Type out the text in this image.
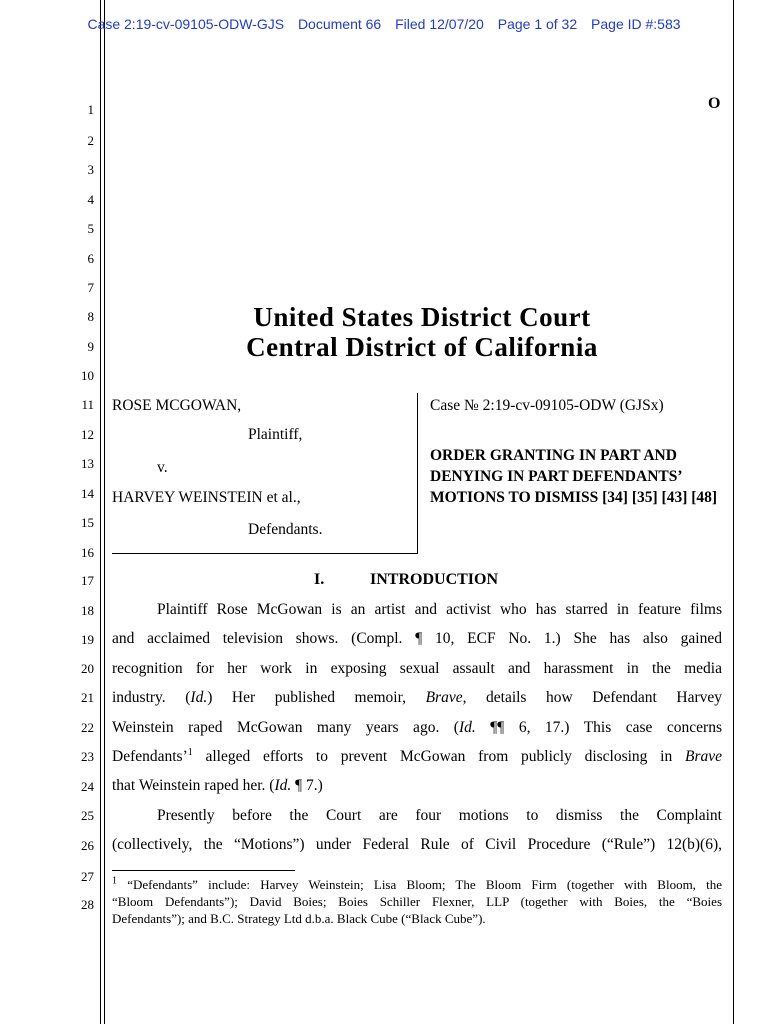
Case 2:19-cv-09105-ODW-GJS Document 66 Filed 12/07/20 Page 1 of 32 Page ID #:583
O
1
2
3
4
5
6
7
8
9
10
11
12
13
14
15
16
17
18
19
20
21
22
23
24
25
26
27
28
United States District Court
Central District of California
ROSE MCGOWAN,
Plaintiff,
v.
HARVEY WEINSTEIN et al.,
Defendants.
Case № 2:19-cv-09105-ODW (GJSx)
ORDER GRANTING IN PART AND DENYING IN PART DEFENDANTS’ MOTIONS TO DISMISS [34] [35] [43] [48]
I.	INTRODUCTION
Plaintiff Rose McGowan is an artist and activist who has starred in feature films
and acclaimed television shows. (Compl. ¶ 10, ECF No. 1.) She has also gained
recognition for her work in exposing sexual assault and harassment in the media
industry. (Id.) Her published memoir, Brave, details how Defendant Harvey
Weinstein raped McGowan many years ago. (Id. ¶¶ 6, 17.) This case concerns
Defendants’$^1$ alleged efforts to prevent McGowan from publicly disclosing in Brave
that Weinstein raped her. (Id. ¶ 7.)
Presently before the Court are four motions to dismiss the Complaint
(collectively, the “Motions”) under Federal Rule of Civil Procedure (“Rule”) 12(b)(6),
$^1$ “Defendants” include: Harvey Weinstein; Lisa Bloom; The Bloom Firm (together with Bloom, the
“Bloom Defendants”); David Boies; Boies Schiller Flexner, LLP (together with Boies, the “Boies
Defendants”); and B.C. Strategy Ltd d.b.a. Black Cube (“Black Cube”).
